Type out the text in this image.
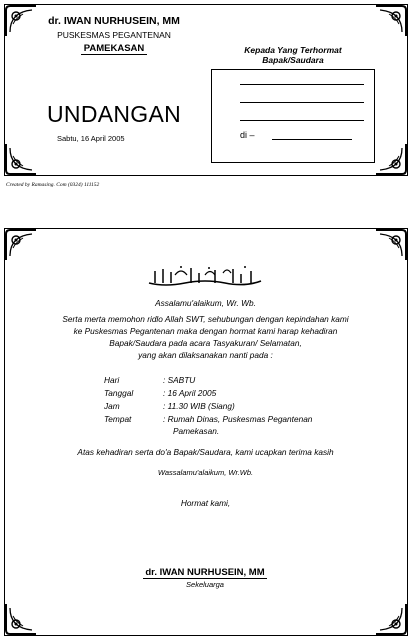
dr. IWAN NURHUSEIN, MM
PUSKESMAS PEGANTENAN
PAMEKASAN
UNDANGAN
Sabtu, 16 April 2005
Kepada Yang Terhormat
Bapak/Saudara
di –
Created by Ramasing. Com (0324) 111152
Assalamu'alaikum, Wr. Wb.
Serta merta memohon ridlo Allah SWT, sehubungan dengan kepindahan kami
ke Puskesmas Pegantenan maka dengan hormat kami harap kehadiran
Bapak/Saudara pada acara Tasyakuran/ Selamatan,
yang akan dilaksanakan nanti pada :
Hari	: SABTU
Tanggal	: 16 April 2005
Jam	: 11.30 WIB (Siang)
Tempat	: Rumah Dinas, Puskesmas Pegantenan
Pamekasan.
Atas kehadiran serta do'a Bapak/Saudara, kami ucapkan terima kasih
Wassalamu'alaikum, Wr.Wb.
Hormat kami,
dr. IWAN NURHUSEIN, MM
Sekeluarga
